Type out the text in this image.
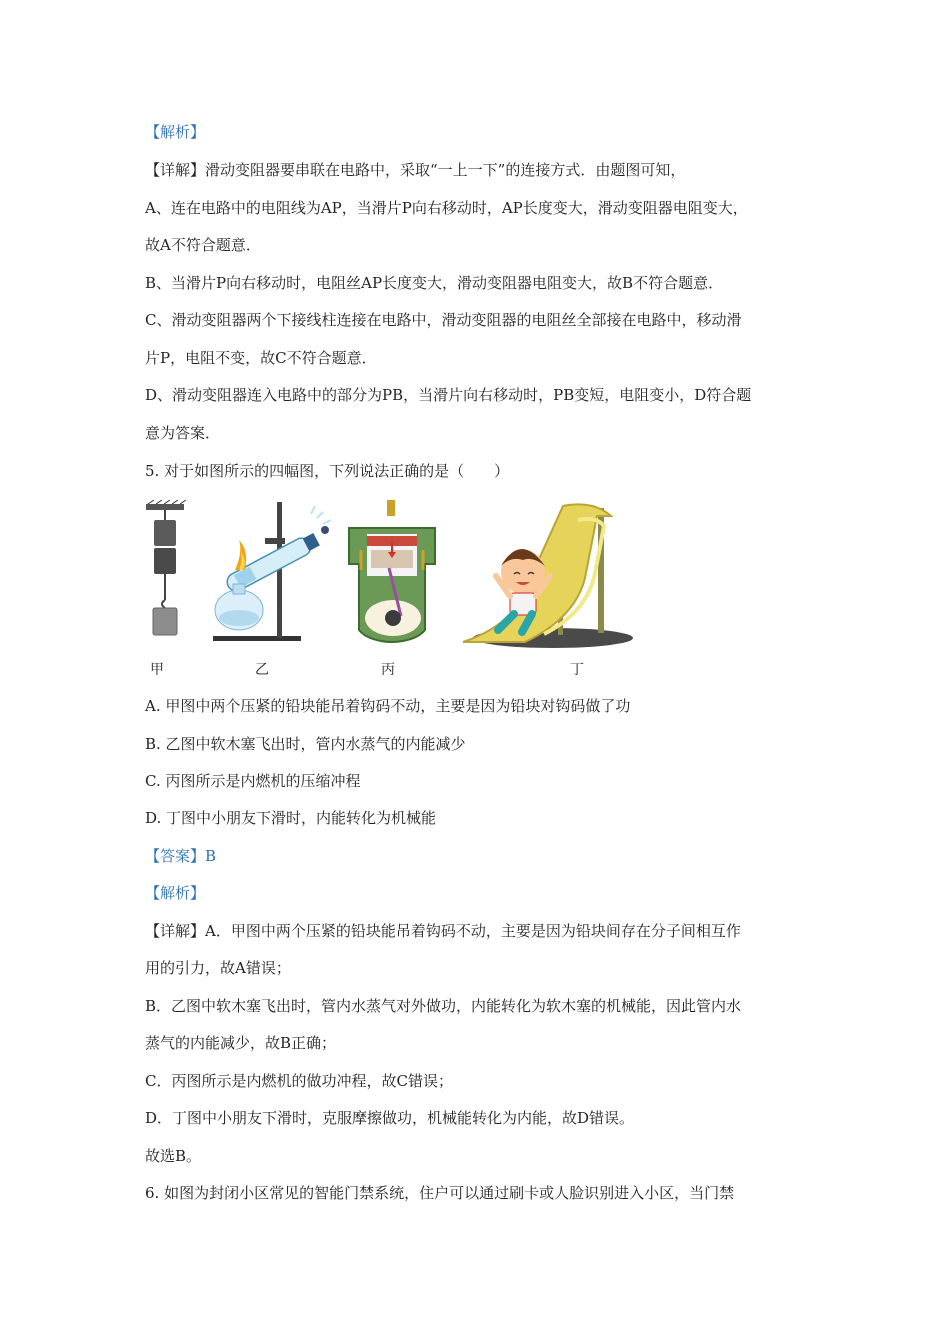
【解析】
【详解】滑动变阻器要串联在电路中，采取“一上一下”的连接方式．由题图可知，
A、连在电路中的电阻线为AP，当滑片P向右移动时，AP长度变大，滑动变阻器电阻变大，
故A不符合题意．
B、当滑片P向右移动时，电阻丝AP长度变大，滑动变阻器电阻变大，故B不符合题意．
C、滑动变阻器两个下接线柱连接在电路中，滑动变阻器的电阻丝全部接在电路中，移动滑
片P，电阻不变，故C不符合题意．
D、滑动变阻器连入电路中的部分为PB，当滑片向右移动时，PB变短，电阻变小，D符合题
意为答案．
5. 对于如图所示的四幅图，下列说法正确的是（　　）
甲	乙	丙	丁
A. 甲图中两个压紧的铅块能吊着钩码不动，主要是因为铅块对钩码做了功
B. 乙图中软木塞飞出时，管内水蒸气的内能减少
C. 丙图所示是内燃机的压缩冲程
D. 丁图中小朋友下滑时，内能转化为机械能
【答案】B
【解析】
【详解】A．甲图中两个压紧的铅块能吊着钩码不动，主要是因为铅块间存在分子间相互作
用的引力，故A错误；
B．乙图中软木塞飞出时，管内水蒸气对外做功，内能转化为软木塞的机械能，因此管内水
蒸气的内能减少，故B正确；
C．丙图所示是内燃机的做功冲程，故C错误；
D．丁图中小朋友下滑时，克服摩擦做功，机械能转化为内能，故D错误。
故选B。
6. 如图为封闭小区常见的智能门禁系统，住户可以通过刷卡或人脸识别进入小区，当门禁
